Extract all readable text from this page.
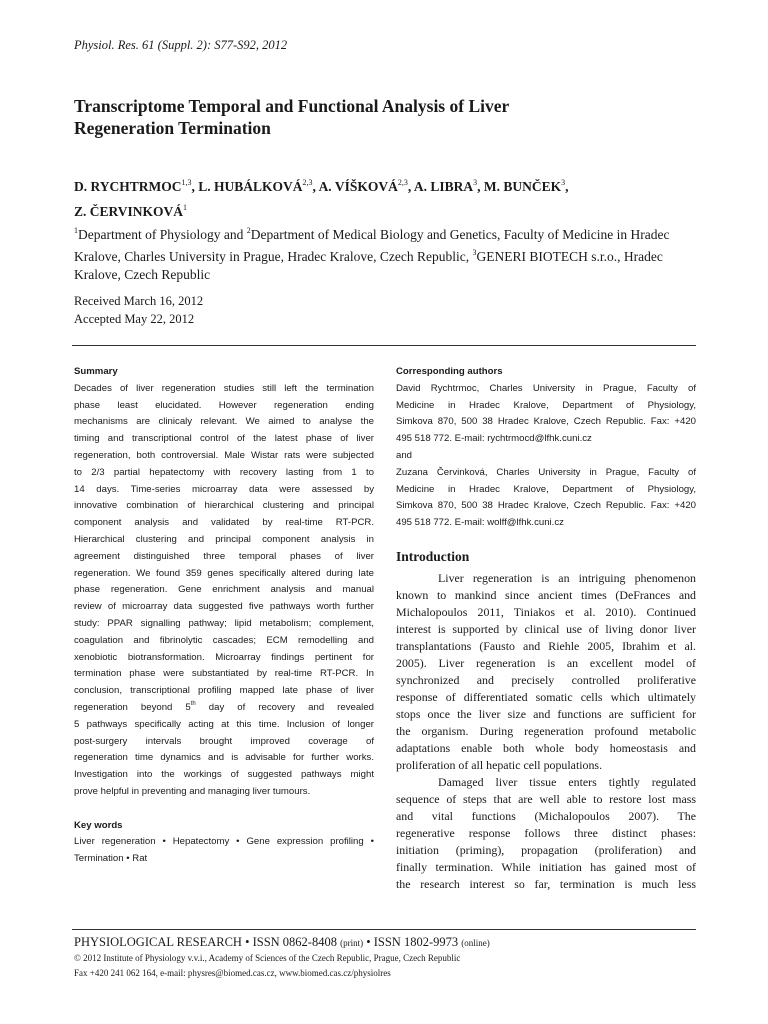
Physiol. Res. 61 (Suppl. 2): S77-S92, 2012
Transcriptome Temporal and Functional Analysis of Liver
Regeneration Termination
D. RYCHTRMOC$^{1,3}$, L. HUBÁLKOVÁ$^{2,3}$, A. VÍŠKOVÁ$^{2,3}$, A. LIBRA$^3$, M. BUNČEK$^3$,
Z. ČERVINKOVÁ$^1$
$^1$Department of Physiology and $^2$Department of Medical Biology and Genetics, Faculty of Medicine in Hradec Kralove, Charles University in Prague, Hradec Kralove, Czech Republic, $^3$GENERI BIOTECH s.r.o., Hradec Kralove, Czech Republic
Received March 16, 2012
Accepted May 22, 2012
Summary
Decades of liver regeneration studies still left the termination
phase least elucidated. However regeneration ending
mechanisms are clinicaly relevant. We aimed to analyse the
timing and transcriptional control of the latest phase of liver
regeneration, both controversial. Male Wistar rats were subjected
to 2/3 partial hepatectomy with recovery lasting from 1 to
14 days. Time-series microarray data were assessed by
innovative combination of hierarchical clustering and principal
component analysis and validated by real-time RT-PCR.
Hierarchical clustering and principal component analysis in
agreement distinguished three temporal phases of liver
regeneration. We found 359 genes specifically altered during late
phase regeneration. Gene enrichment analysis and manual
review of microarray data suggested five pathways worth further
study: PPAR signalling pathway; lipid metabolism; complement,
coagulation and fibrinolytic cascades; ECM remodelling and
xenobiotic biotransformation. Microarray findings pertinent for
termination phase were substantiated by real-time RT-PCR. In
conclusion, transcriptional profiling mapped late phase of liver
regeneration beyond 5th day of recovery and revealed
5 pathways specifically acting at this time. Inclusion of longer
post-surgery intervals brought improved coverage of
regeneration time dynamics and is advisable for further works.
Investigation into the workings of suggested pathways might
prove helpful in preventing and managing liver tumours.
Key words
Liver regeneration • Hepatectomy • Gene expression profiling •
Termination • Rat
Corresponding authors
David Rychtrmoc, Charles University in Prague, Faculty of
Medicine in Hradec Kralove, Department of Physiology,
Simkova 870, 500 38 Hradec Kralove, Czech Republic. Fax: +420
495 518 772. E-mail: rychtrmocd@lfhk.cuni.cz
and
Zuzana Červinková, Charles University in Prague, Faculty of
Medicine in Hradec Kralove, Department of Physiology,
Simkova 870, 500 38 Hradec Kralove, Czech Republic. Fax: +420
495 518 772. E-mail: wolff@lfhk.cuni.cz
Introduction
Liver regeneration is an intriguing phenomenon
known to mankind since ancient times (DeFrances and
Michalopoulos 2011, Tiniakos et al. 2010). Continued
interest is supported by clinical use of living donor liver
transplantations (Fausto and Riehle 2005, Ibrahim et al.
2005). Liver regeneration is an excellent model of
synchronized and precisely controlled proliferative
response of differentiated somatic cells which ultimately
stops once the liver size and functions are sufficient for
the organism. During regeneration profound metabolic
adaptations enable both whole body homeostasis and
proliferation of all hepatic cell populations.
Damaged liver tissue enters tightly regulated
sequence of steps that are well able to restore lost mass
and vital functions (Michalopoulos 2007). The
regenerative response follows three distinct phases:
initiation (priming), propagation (proliferation) and
finally termination. While initiation has gained most of
the research interest so far, termination is much less
PHYSIOLOGICAL RESEARCH • ISSN 0862-8408 (print) • ISSN 1802-9973 (online)
© 2012 Institute of Physiology v.v.i., Academy of Sciences of the Czech Republic, Prague, Czech Republic
Fax +420 241 062 164, e-mail: physres@biomed.cas.cz, www.biomed.cas.cz/physiolres
